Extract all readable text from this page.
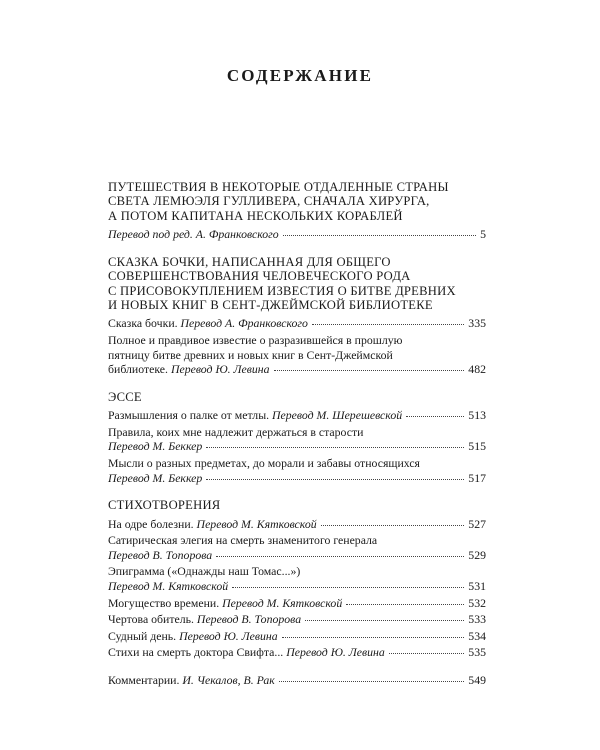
СОДЕРЖАНИЕ
ПУТЕШЕСТВИЯ В НЕКОТОРЫЕ ОТДАЛЕННЫЕ СТРАНЫ
СВЕТА ЛЕМЮЭЛЯ ГУЛЛИВЕРА, СНАЧАЛА ХИРУРГА,
А ПОТОМ КАПИТАНА НЕСКОЛЬКИХ КОРАБЛЕЙ
Перевод под ред. А. Франковского	5
СКАЗКА БОЧКИ, НАПИСАННАЯ ДЛЯ ОБЩЕГО
СОВЕРШЕНСТВОВАНИЯ ЧЕЛОВЕЧЕСКОГО РОДА
С ПРИСОВОКУПЛЕНИЕМ ИЗВЕСТИЯ О БИТВЕ ДРЕВНИХ
И НОВЫХ КНИГ В СЕНТ-ДЖЕЙМСКОЙ БИБЛИОТЕКЕ
Сказка бочки. Перевод А. Франковского	335
Полное и правдивое известие о разразившейся в прошлую
пятницу битве древних и новых книг в Сент-Джеймской
библиотеке. Перевод Ю. Левина	482
ЭССЕ
Размышления о палке от метлы. Перевод М. Шерешевской	513
Правила, коих мне надлежит держаться в старости
Перевод М. Беккер	515
Мысли о разных предметах, до морали и забавы относящихся
Перевод М. Беккер	517
СТИХОТВОРЕНИЯ
На одре болезни. Перевод М. Кятковской	527
Сатирическая элегия на смерть знаменитого генерала
Перевод В. Топорова	529
Эпиграмма («Однажды наш Томас...»)
Перевод М. Кятковской	531
Могущество времени. Перевод М. Кятковской	532
Чертова обитель. Перевод В. Топорова	533
Судный день. Перевод Ю. Левина	534
Стихи на смерть доктора Свифта... Перевод Ю. Левина	535
Комментарии. И. Чекалов, В. Рак	549
